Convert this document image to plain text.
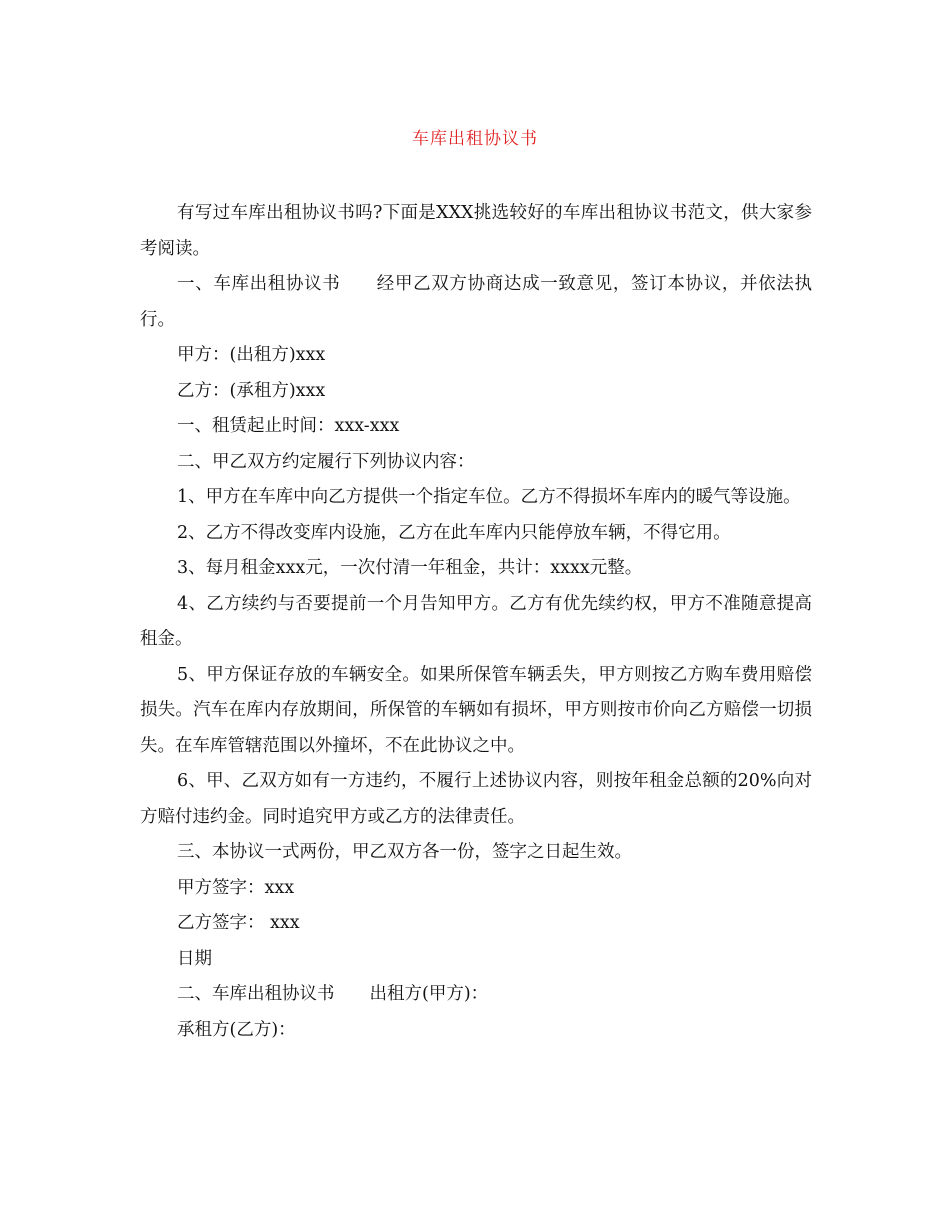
车库出租协议书

有写过车库出租协议书吗?下面是XXX挑选较好的车库出租协议书范文，供大家参考阅读。

一、车库出租协议书　　经甲乙双方协商达成一致意见，签订本协议，并依法执行。

甲方：(出租方)xxx

乙方：(承租方)xxx

一、租赁起止时间：xxx-xxx

二、甲乙双方约定履行下列协议内容：

1、甲方在车库中向乙方提供一个指定车位。乙方不得损坏车库内的暖气等设施。

2、乙方不得改变库内设施，乙方在此车库内只能停放车辆，不得它用。

3、每月租金xxx元，一次付清一年租金，共计：xxxx元整。

4、乙方续约与否要提前一个月告知甲方。乙方有优先续约权，甲方不准随意提高租金。

5、甲方保证存放的车辆安全。如果所保管车辆丢失，甲方则按乙方购车费用赔偿损失。汽车在库内存放期间，所保管的车辆如有损坏，甲方则按市价向乙方赔偿一切损失。在车库管辖范围以外撞坏，不在此协议之中。

6、甲、乙双方如有一方违约，不履行上述协议内容，则按年租金总额的20%向对方赔付违约金。同时追究甲方或乙方的法律责任。

三、本协议一式两份，甲乙双方各一份，签字之日起生效。

甲方签字：xxx

乙方签字： xxx

日期

二、车库出租协议书　　出租方(甲方)：

承租方(乙方)：
